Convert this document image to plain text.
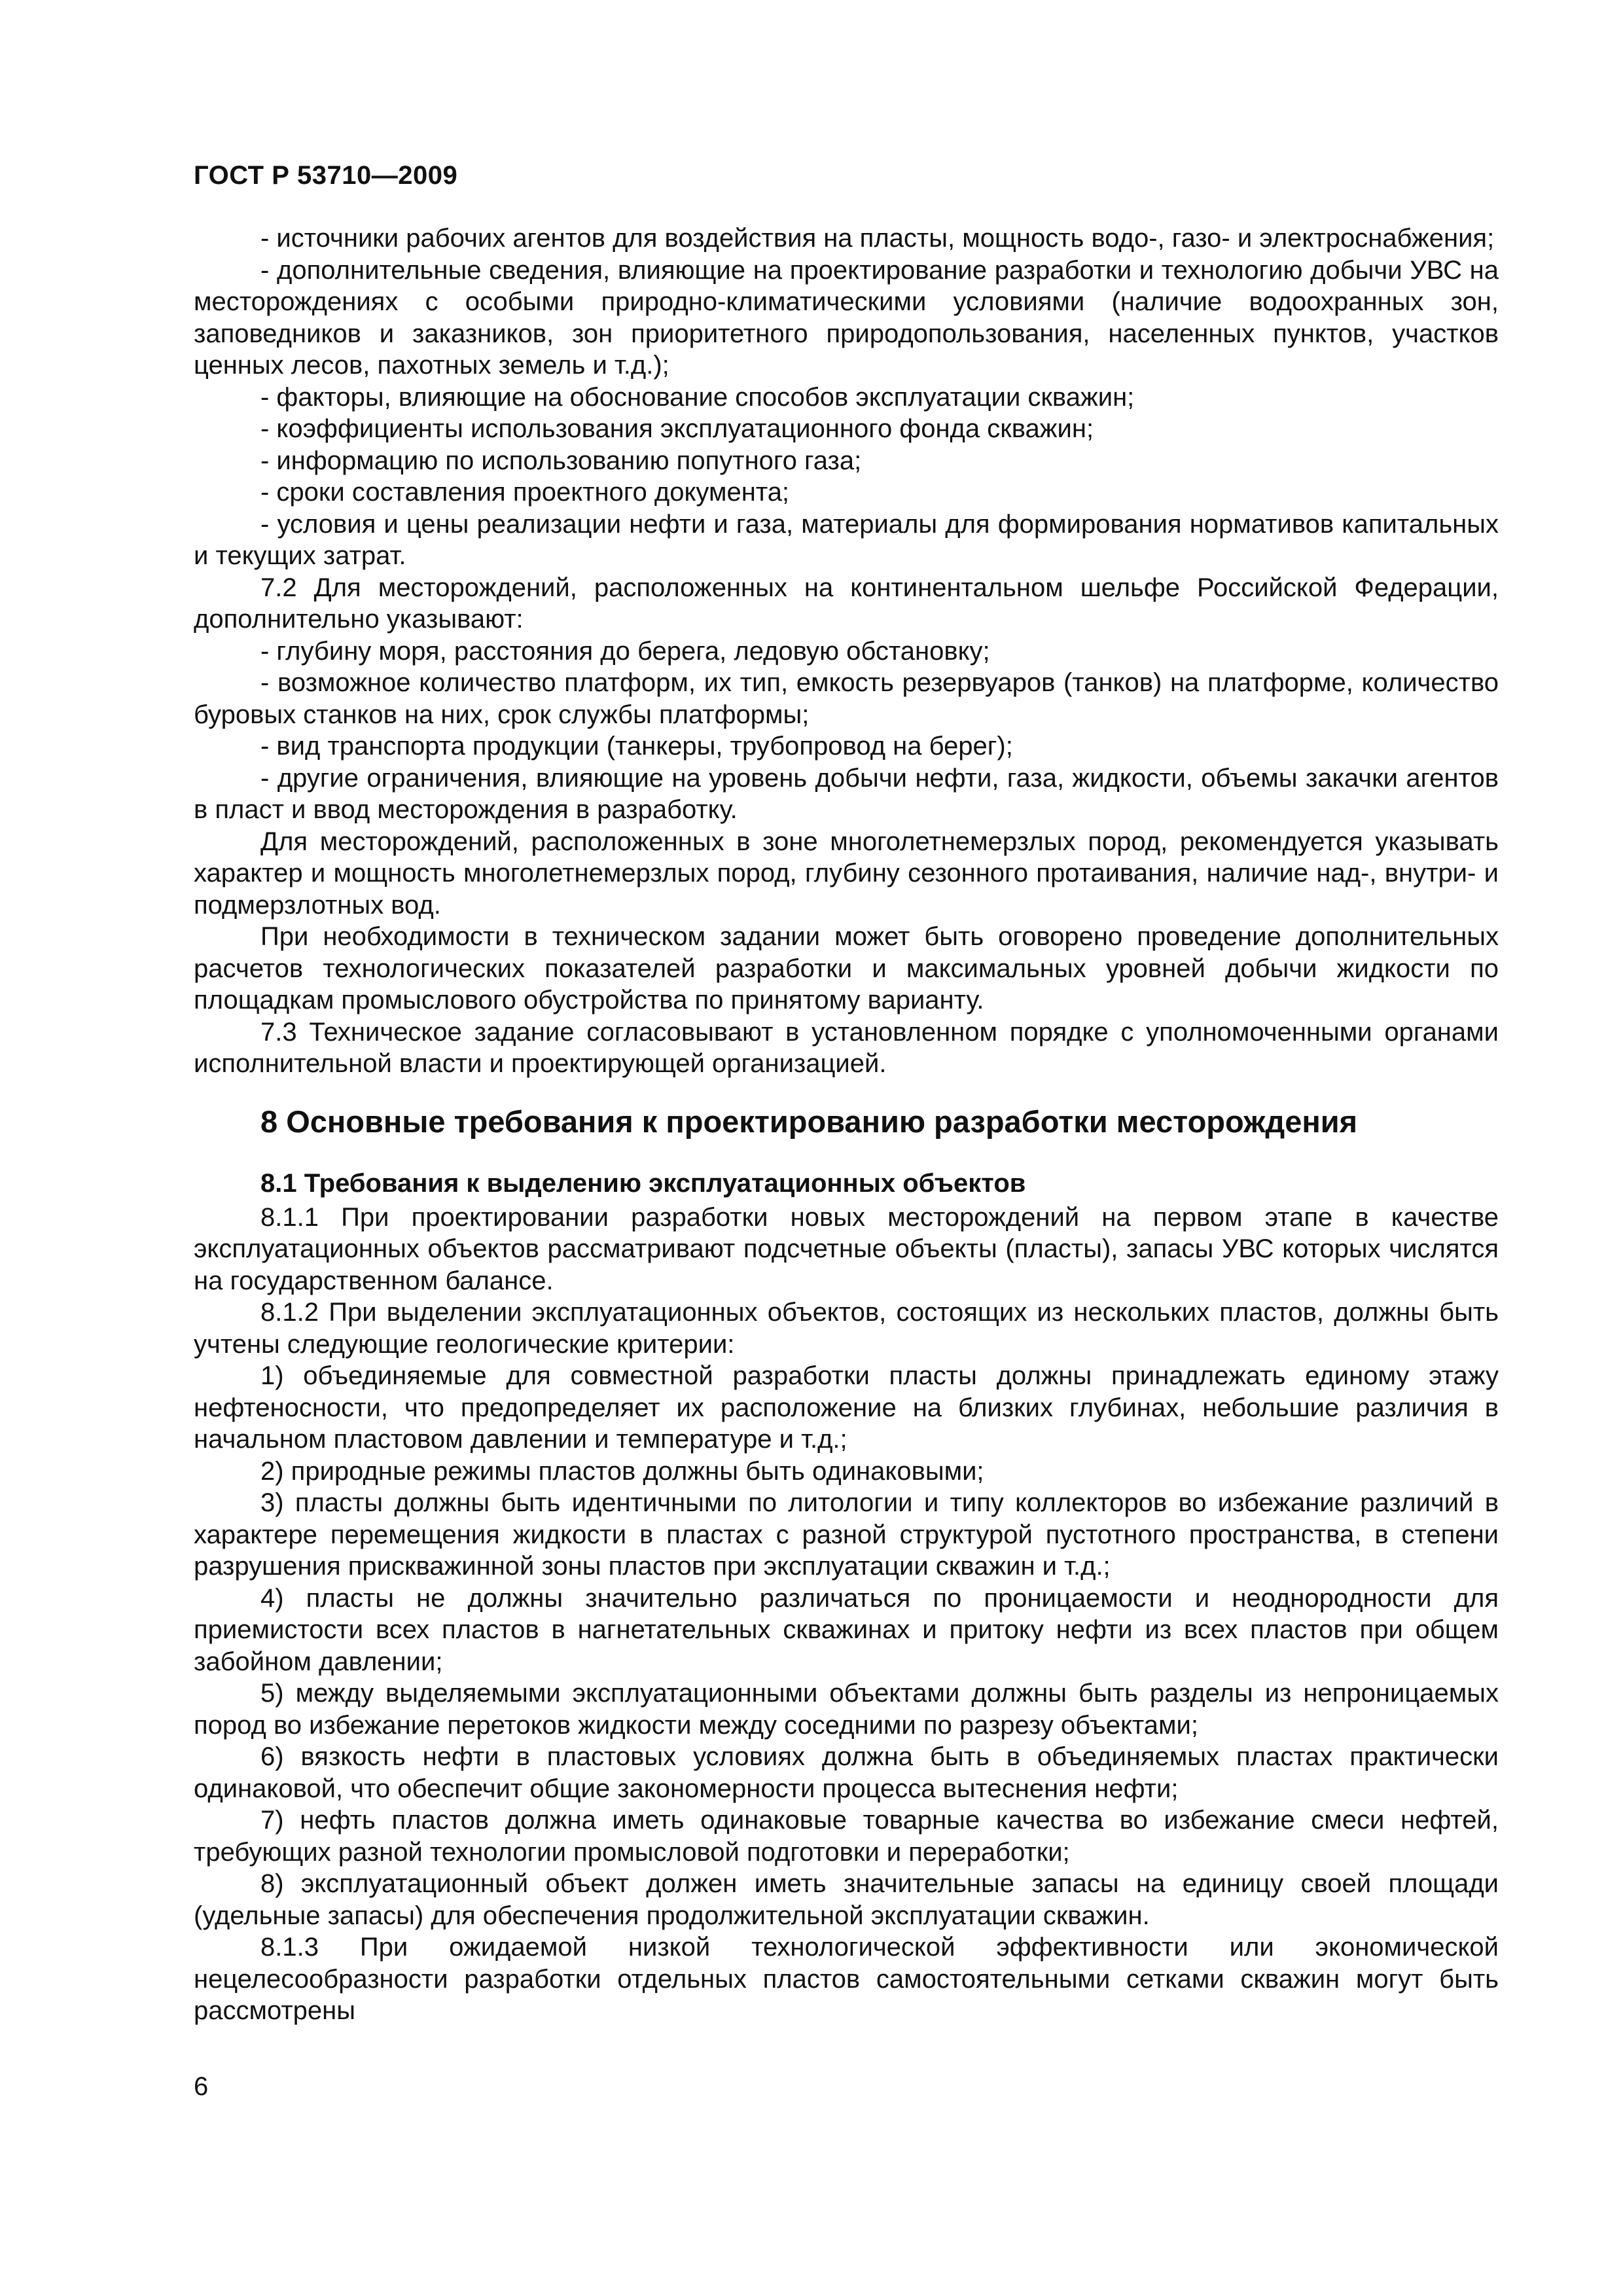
ГОСТ Р 53710—2009

- источники рабочих агентов для воздействия на пласты, мощность водо-, газо- и электроснабжения;

- дополнительные сведения, влияющие на проектирование разработки и технологию добычи УВС на месторождениях с особыми природно-климатическими условиями (наличие водоохранных зон, заповедников и заказников, зон приоритетного природопользования, населенных пунктов, участков ценных лесов, пахотных земель и т.д.);

- факторы, влияющие на обоснование способов эксплуатации скважин;

- коэффициенты использования эксплуатационного фонда скважин;

- информацию по использованию попутного газа;

- сроки составления проектного документа;

- условия и цены реализации нефти и газа, материалы для формирования нормативов капитальных и текущих затрат.

7.2 Для месторождений, расположенных на континентальном шельфе Российской Федерации, дополнительно указывают:

- глубину моря, расстояния до берега, ледовую обстановку;

- возможное количество платформ, их тип, емкость резервуаров (танков) на платформе, количество буровых станков на них, срок службы платформы;

- вид транспорта продукции (танкеры, трубопровод на берег);

- другие ограничения, влияющие на уровень добычи нефти, газа, жидкости, объемы закачки агентов в пласт и ввод месторождения в разработку.

Для месторождений, расположенных в зоне многолетнемерзлых пород, рекомендуется указывать характер и мощность многолетнемерзлых пород, глубину сезонного протаивания, наличие над-, внутри- и подмерзлотных вод.

При необходимости в техническом задании может быть оговорено проведение дополнительных расчетов технологических показателей разработки и максимальных уровней добычи жидкости по площадкам промыслового обустройства по принятому варианту.

7.3 Техническое задание согласовывают в установленном порядке с уполномоченными органами исполнительной власти и проектирующей организацией.

8 Основные требования к проектированию разработки месторождения
8.1 Требования к выделению эксплуатационных объектов

8.1.1 При проектировании разработки новых месторождений на первом этапе в качестве эксплуатационных объектов рассматривают подсчетные объекты (пласты), запасы УВС которых числятся на государственном балансе.

8.1.2 При выделении эксплуатационных объектов, состоящих из нескольких пластов, должны быть учтены следующие геологические критерии:

1) объединяемые для совместной разработки пласты должны принадлежать единому этажу нефтеносности, что предопределяет их расположение на близких глубинах, небольшие различия в начальном пластовом давлении и температуре и т.д.;

2) природные режимы пластов должны быть одинаковыми;

3) пласты должны быть идентичными по литологии и типу коллекторов во избежание различий в характере перемещения жидкости в пластах с разной структурой пустотного пространства, в степени разрушения прискважинной зоны пластов при эксплуатации скважин и т.д.;

4) пласты не должны значительно различаться по проницаемости и неоднородности для приемистости всех пластов в нагнетательных скважинах и притоку нефти из всех пластов при общем забойном давлении;

5) между выделяемыми эксплуатационными объектами должны быть разделы из непроницаемых пород во избежание перетоков жидкости между соседними по разрезу объектами;

6) вязкость нефти в пластовых условиях должна быть в объединяемых пластах практически одинаковой, что обеспечит общие закономерности процесса вытеснения нефти;

7) нефть пластов должна иметь одинаковые товарные качества во избежание смеси нефтей, требующих разной технологии промысловой подготовки и переработки;

8) эксплуатационный объект должен иметь значительные запасы на единицу своей площади (удельные запасы) для обеспечения продолжительной эксплуатации скважин.

8.1.3 При ожидаемой низкой технологической эффективности или экономической нецелесообразности разработки отдельных пластов самостоятельными сетками скважин могут быть рассмотрены

6
